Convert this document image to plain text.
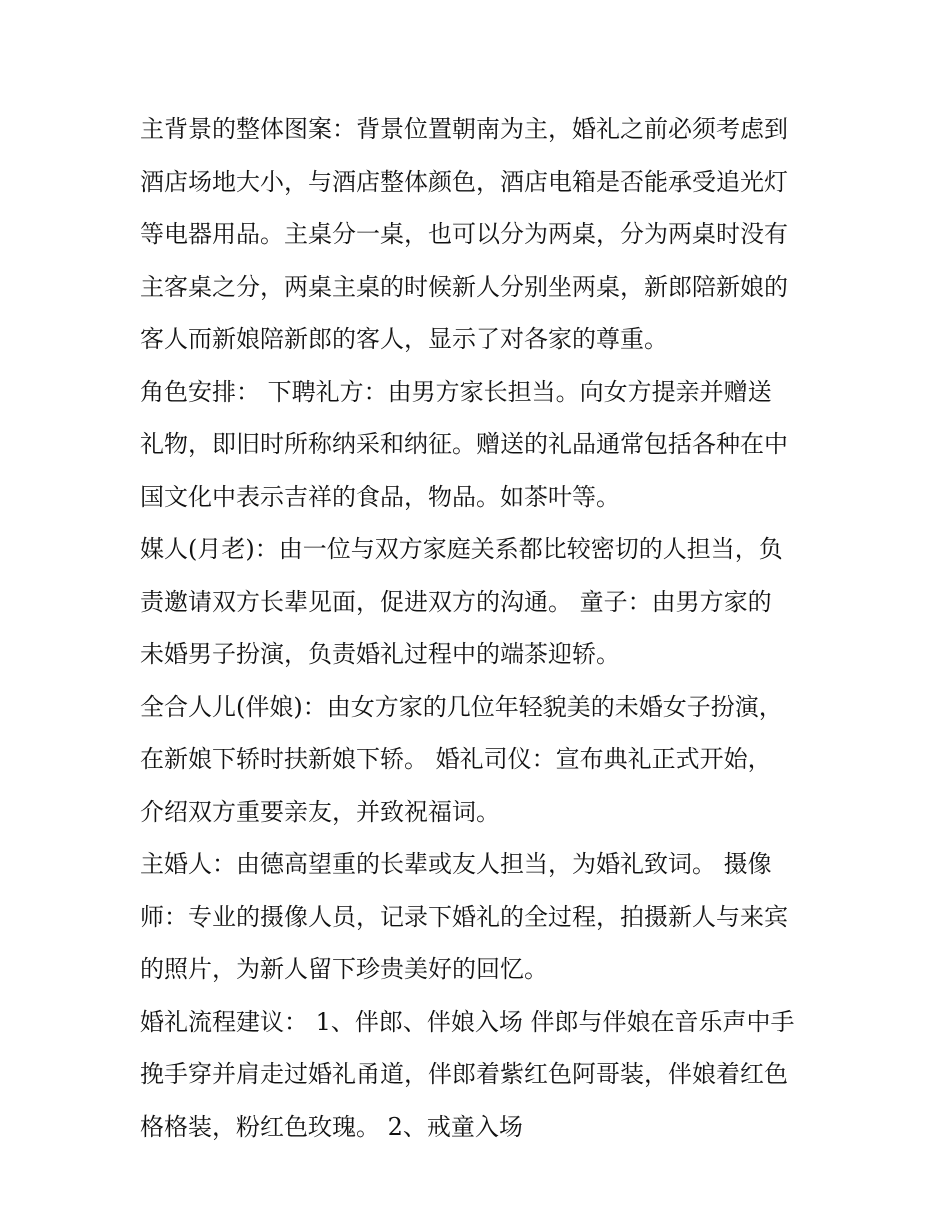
主背景的整体图案：背景位置朝南为主，婚礼之前必须考虑到
酒店场地大小，与酒店整体颜色，酒店电箱是否能承受追光灯
等电器用品。主桌分一桌，也可以分为两桌，分为两桌时没有
主客桌之分，两桌主桌的时候新人分别坐两桌，新郎陪新娘的
客人而新娘陪新郎的客人，显示了对各家的尊重。
角色安排： 下聘礼方：由男方家长担当。向女方提亲并赠送
礼物，即旧时所称纳采和纳征。赠送的礼品通常包括各种在中
国文化中表示吉祥的食品，物品。如茶叶等。
媒人(月老)：由一位与双方家庭关系都比较密切的人担当，负
责邀请双方长辈见面，促进双方的沟通。 童子：由男方家的
未婚男子扮演，负责婚礼过程中的端茶迎轿。
全合人儿(伴娘)：由女方家的几位年轻貌美的未婚女子扮演，
在新娘下轿时扶新娘下轿。 婚礼司仪：宣布典礼正式开始，
介绍双方重要亲友，并致祝福词。
主婚人：由德高望重的长辈或友人担当，为婚礼致词。 摄像
师：专业的摄像人员，记录下婚礼的全过程，拍摄新人与来宾
的照片，为新人留下珍贵美好的回忆。
婚礼流程建议： 1、伴郎、伴娘入场 伴郎与伴娘在音乐声中手
挽手穿并肩走过婚礼甬道，伴郎着紫红色阿哥装，伴娘着红色
格格装，粉红色玫瑰。 2、戒童入场
